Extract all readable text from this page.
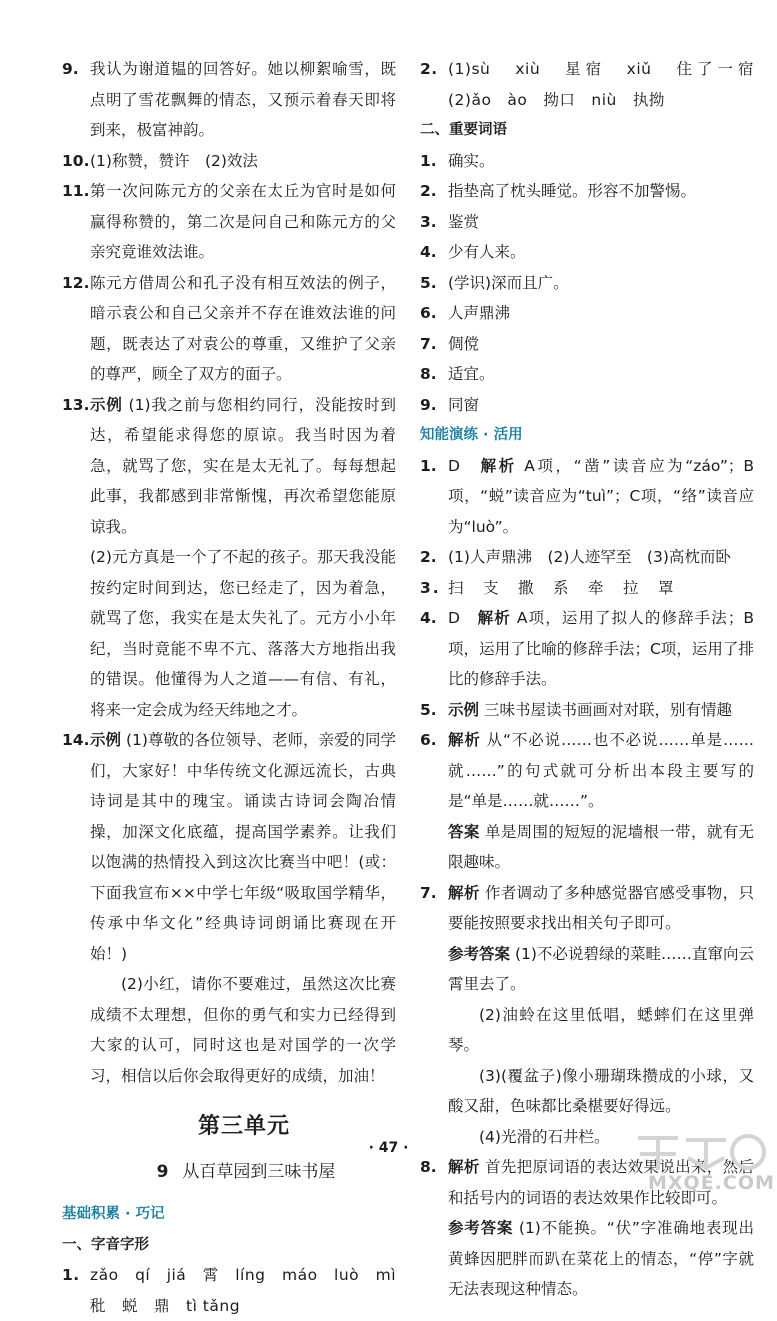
9. 我认为谢道韫的回答好。她以柳絮喻雪，既点明了雪花飘舞的情态，又预示着春天即将到来，极富神韵。
10. (1)称赞，赞许　(2)效法
11. 第一次问陈元方的父亲在太丘为官时是如何赢得称赞的，第二次是问自己和陈元方的父亲究竟谁效法谁。
12. 陈元方借周公和孔子没有相互效法的例子，暗示袁公和自己父亲并不存在谁效法谁的问题，既表达了对袁公的尊重，又维护了父亲的尊严，顾全了双方的面子。
13. 示例 (1)我之前与您相约同行，没能按时到达，希望能求得您的原谅。我当时因为着急，就骂了您，实在是太无礼了。每每想起此事，我都感到非常惭愧，再次希望您能原谅我。
(2)元方真是一个了不起的孩子。那天我没能按约定时间到达，您已经走了，因为着急，就骂了您，我实在是太失礼了。元方小小年纪，当时竟能不卑不亢、落落大方地指出我的错误。他懂得为人之道——有信、有礼，将来一定会成为经天纬地之才。
14. 示例 (1)尊敬的各位领导、老师，亲爱的同学们，大家好！中华传统文化源远流长，古典诗词是其中的瑰宝。诵读古诗词会陶冶情操，加深文化底蕴，提高国学素养。让我们以饱满的热情投入到这次比赛当中吧！(或：下面我宣布××中学七年级“吸取国学精华，传承中华文化”经典诗词朗诵比赛现在开始！)
(2)小红，请你不要难过，虽然这次比赛成绩不太理想，但你的勇气和实力已经得到大家的认可，同时这也是对国学的一次学习，相信以后你会取得更好的成绩，加油！
第三单元
9 从百草园到三味书屋
基础积累 · 巧记
一、字音字形
1. zǎo　qí　jiá　霄　líng　máo　luò　mì　秕　蜕　鼎　tì tǎng
2. (1)sù　xiù　星宿　xiǔ　住了一宿　(2)ǎo　ào　拗口　niù　执拗
二、重要词语
1. 确实。
2. 指垫高了枕头睡觉。形容不加警惕。
3. 鉴赏
4. 少有人来。
5. (学识)深而且广。
6. 人声鼎沸
7. 倜傥
8. 适宜。
9. 同窗
知能演练 · 活用
1. D　解析 A项，“凿”读音应为“záo”；B项，“蜕”读音应为“tuì”；C项，“络”读音应为“luò”。
2. (1)人声鼎沸　(2)人迹罕至　(3)高枕而卧
3. 扫　支　撒　系　牵　拉　罩
4. D　解析 A项，运用了拟人的修辞手法；B项，运用了比喻的修辞手法；C项，运用了排比的修辞手法。
5. 示例 三味书屋读书画画对对联，别有情趣
6. 解析 从“不必说……也不必说……单是……就……”的句式就可分析出本段主要写的是“单是……就……”。
答案 单是周围的短短的泥墙根一带，就有无限趣味。
7. 解析 作者调动了多种感觉器官感受事物，只要能按照要求找出相关句子即可。
参考答案 (1)不必说碧绿的菜畦……直窜向云霄里去了。
(2)油蛉在这里低唱，蟋蟀们在这里弹琴。
(3)(覆盆子)像小珊瑚珠攒成的小球，又酸又甜，色味都比桑椹要好得远。
(4)光滑的石井栏。
8. 解析 首先把原词语的表达效果说出来，然后和括号内的词语的表达效果作比较即可。
参考答案 (1)不能换。“伏”字准确地表现出黄蜂因肥胖而趴在菜花上的情态，“停”字就无法表现这种情态。
· 47 ·
MXQE.COM
